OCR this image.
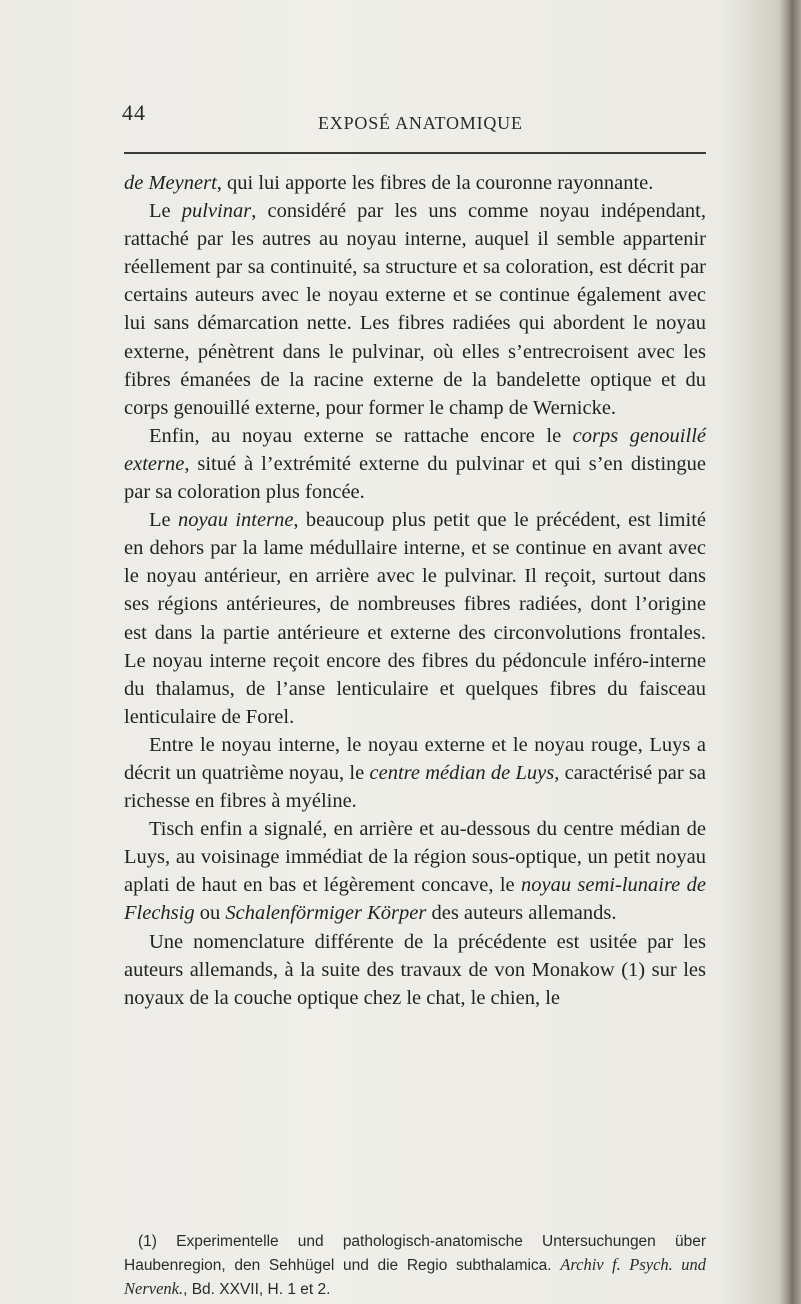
44	EXPOSÉ ANATOMIQUE

de Meynert, qui lui apporte les fibres de la couronne rayonnante.

Le pulvinar, considéré par les uns comme noyau indépendant, rattaché par les autres au noyau interne, auquel il semble appartenir réellement par sa continuité, sa structure et sa coloration, est décrit par certains auteurs avec le noyau externe et se continue également avec lui sans démarcation nette. Les fibres radiées qui abordent le noyau externe, pénètrent dans le pulvinar, où elles s’entrecroisent avec les fibres émanées de la racine externe de la bandelette optique et du corps genouillé externe, pour former le champ de Wernicke.

Enfin, au noyau externe se rattache encore le corps genouillé externe, situé à l’extrémité externe du pulvinar et qui s’en distingue par sa coloration plus foncée.

Le noyau interne, beaucoup plus petit que le précédent, est limité en dehors par la lame médullaire interne, et se continue en avant avec le noyau antérieur, en arrière avec le pulvinar. Il reçoit, surtout dans ses régions antérieures, de nombreuses fibres radiées, dont l’origine est dans la partie antérieure et externe des circonvolutions frontales. Le noyau interne reçoit encore des fibres du pédoncule inféro-interne du thalamus, de l’anse lenticulaire et quelques fibres du faisceau lenticulaire de Forel.

Entre le noyau interne, le noyau externe et le noyau rouge, Luys a décrit un quatrième noyau, le centre médian de Luys, caractérisé par sa richesse en fibres à myéline.

Tisch enfin a signalé, en arrière et au-dessous du centre médian de Luys, au voisinage immédiat de la région sous-optique, un petit noyau aplati de haut en bas et légèrement concave, le noyau semi-lunaire de Flechsig ou Schalenförmiger Körper des auteurs allemands.

Une nomenclature différente de la précédente est usitée par les auteurs allemands, à la suite des travaux de von Monakow (1) sur les noyaux de la couche optique chez le chat, le chien, le

(1) Experimentelle und pathologisch-anatomische Untersuchungen über Haubenregion, den Sehhügel und die Regio subthalamica. Archiv f. Psych. und Nervenk., Bd. XXVII, H. 1 et 2.
